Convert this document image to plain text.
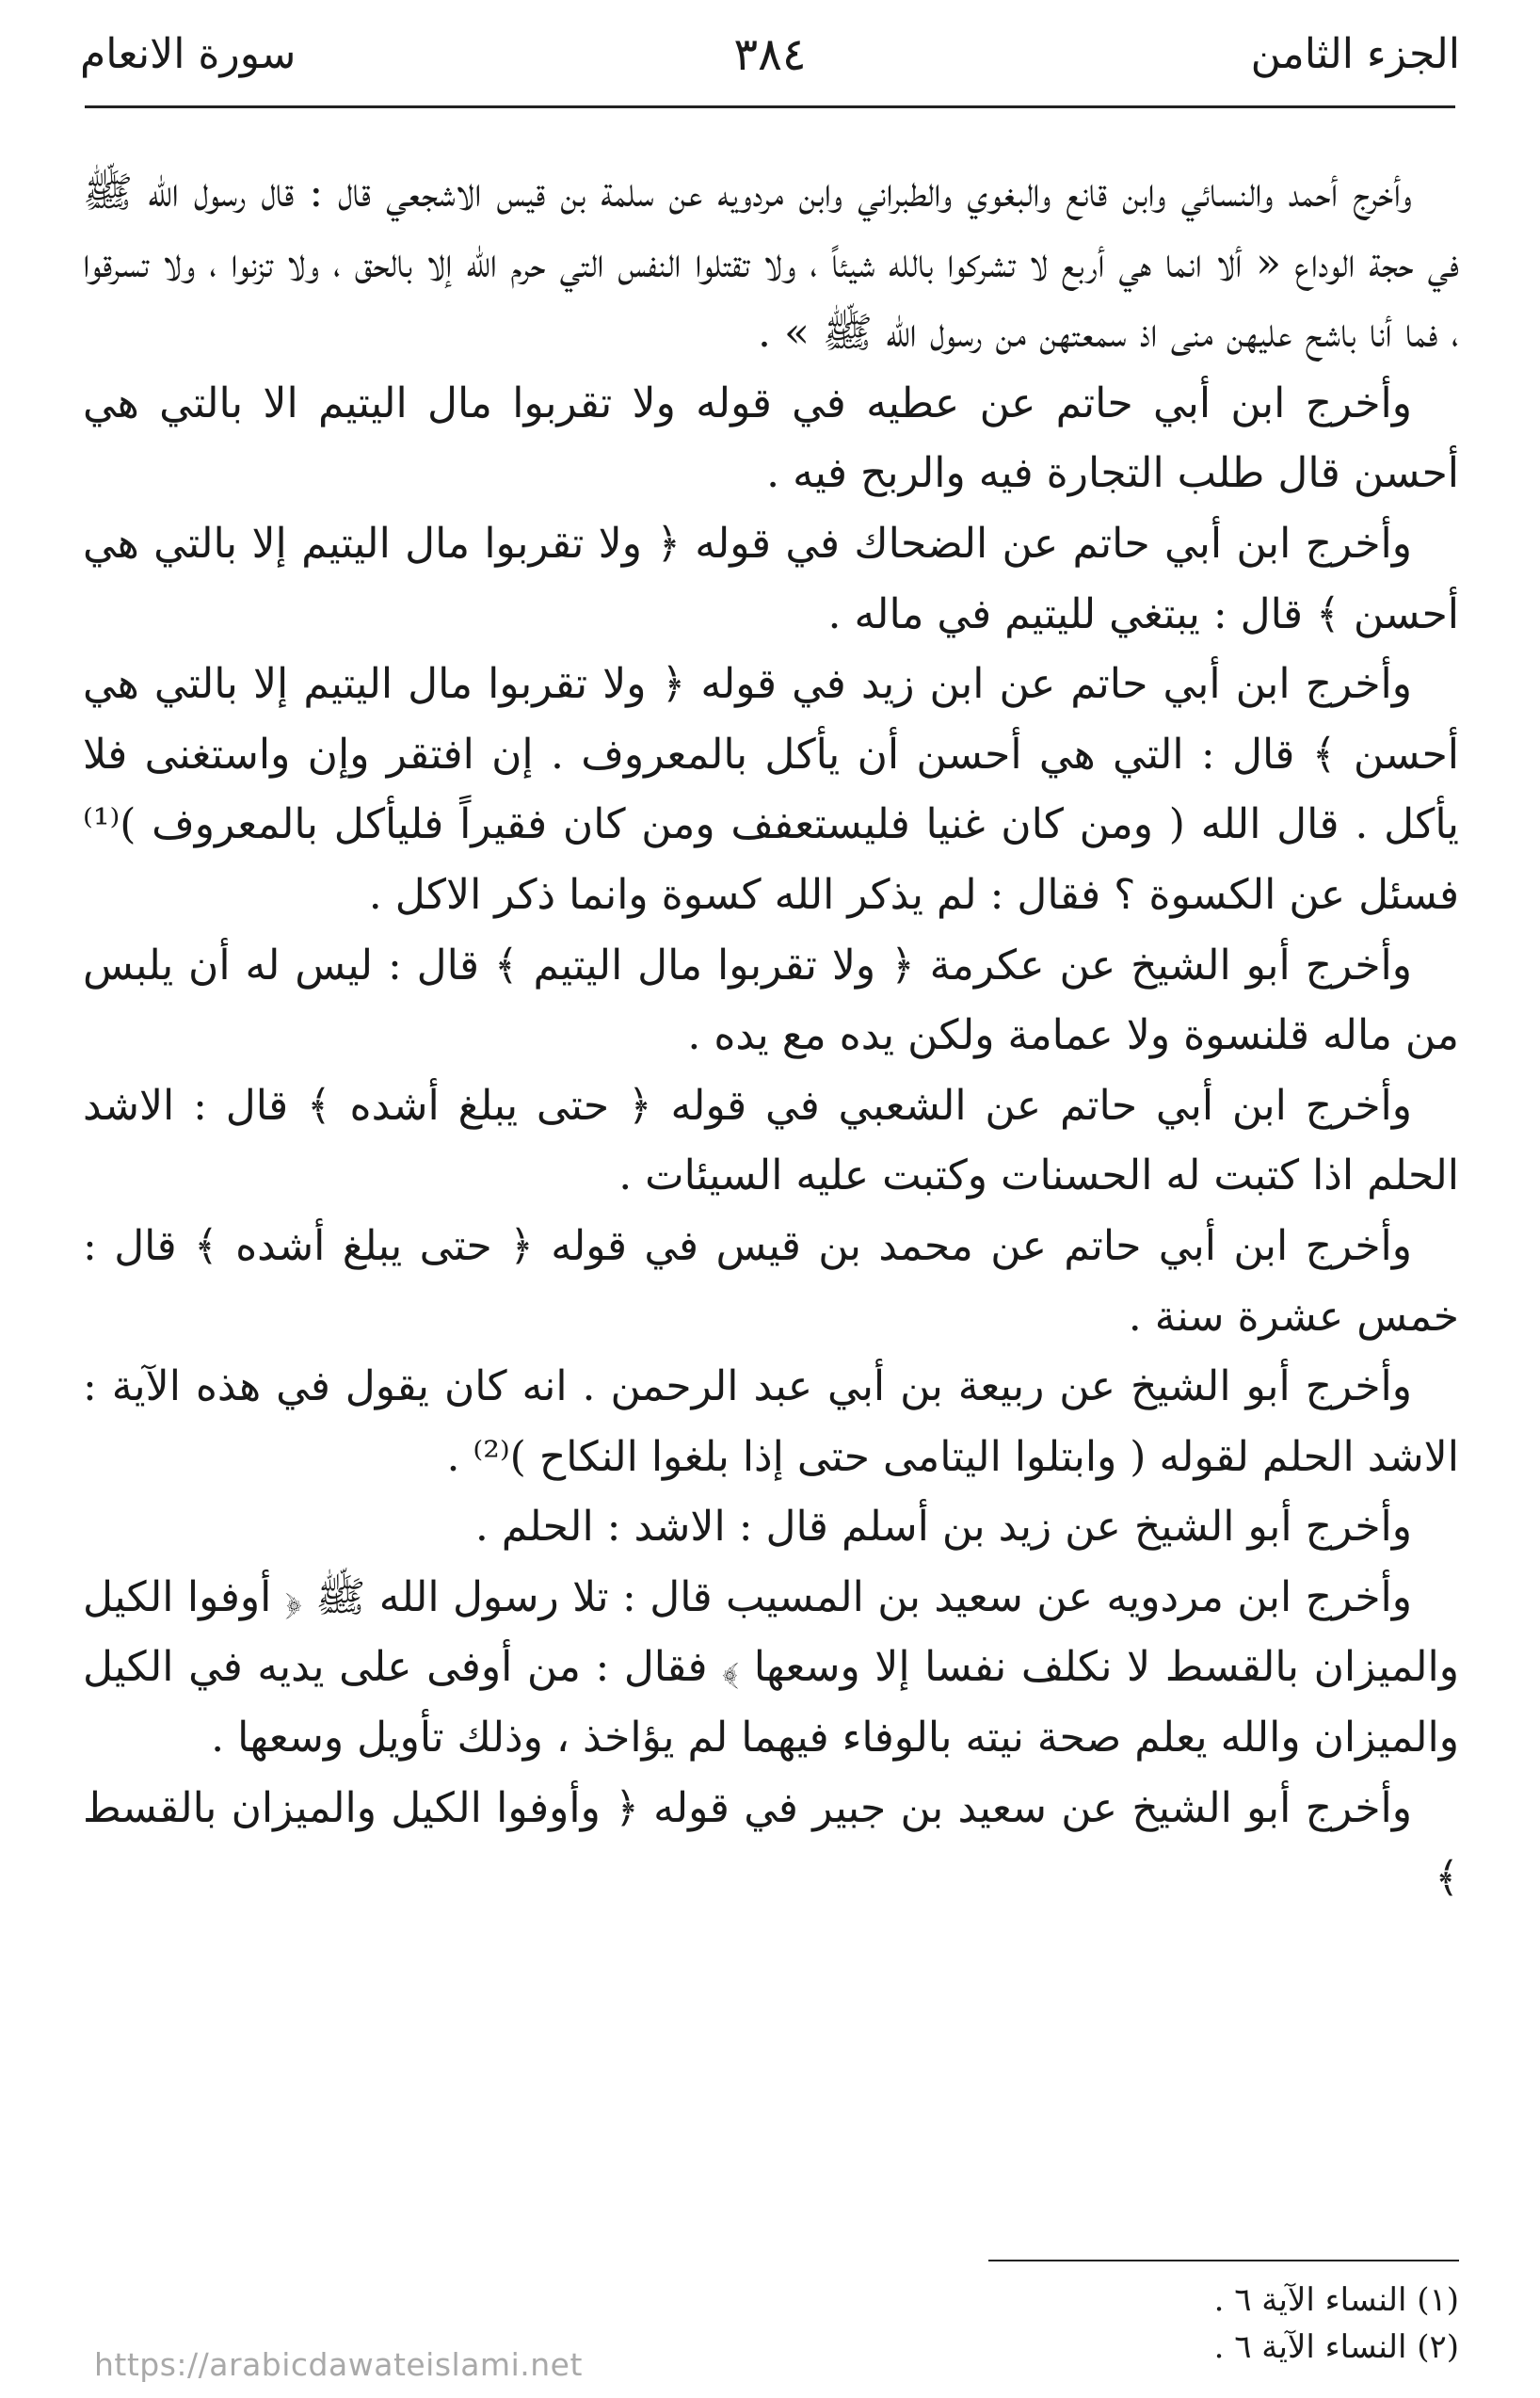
الجزء الثامن
٣٨٤
سورة الانعام

وأخرج أحمد والنسائي وابن قانع والبغوي والطبراني وابن مردويه عن سلمة بن قيس الاشجعي قال : قال رسول الله ﷺ في حجة الوداع « ألا انما هي أربع لا تشركوا بالله شيئاً ، ولا تقتلوا النفس التي حرم الله إلا بالحق ، ولا تزنوا ، ولا تسرقوا ، فما أنا باشح عليهن منى اذ سمعتهن من رسول الله ﷺ » .

وأخرج ابن أبي حاتم عن عطيه في قوله ولا تقربوا مال اليتيم الا بالتي هي أحسن قال طلب التجارة فيه والربح فيه .

وأخرج ابن أبي حاتم عن الضحاك في قوله ﴿ ولا تقربوا مال اليتيم إلا بالتي هي أحسن ﴾ قال : يبتغي لليتيم في ماله .

وأخرج ابن أبي حاتم عن ابن زيد في قوله ﴿ ولا تقربوا مال اليتيم إلا بالتي هي أحسن ﴾ قال : التي هي أحسن أن يأكل بالمعروف . إن افتقر وإن واستغنى فلا يأكل . قال الله ( ومن كان غنيا فليستعفف ومن كان فقيراً فليأكل بالمعروف )⁽¹⁾ فسئل عن الكسوة ؟ فقال : لم يذكر الله كسوة وانما ذكر الاكل .

وأخرج أبو الشيخ عن عكرمة ﴿ ولا تقربوا مال اليتيم ﴾ قال : ليس له أن يلبس من ماله قلنسوة ولا عمامة ولكن يده مع يده .

وأخرج ابن أبي حاتم عن الشعبي في قوله ﴿ حتى يبلغ أشده ﴾ قال : الاشد الحلم اذا كتبت له الحسنات وكتبت عليه السيئات .

وأخرج ابن أبي حاتم عن محمد بن قيس في قوله ﴿ حتى يبلغ أشده ﴾ قال : خمس عشرة سنة .

وأخرج أبو الشيخ عن ربيعة بن أبي عبد الرحمن . انه كان يقول في هذه الآية : الاشد الحلم لقوله ( وابتلوا اليتامى حتى إذا بلغوا النكاح )⁽²⁾ .

وأخرج أبو الشيخ عن زيد بن أسلم قال : الاشد : الحلم .

وأخرج ابن مردويه عن سعيد بن المسيب قال : تلا رسول الله ﷺ ﴿ أوفوا الكيل والميزان بالقسط لا نكلف نفسا إلا وسعها ﴾ فقال : من أوفى على يديه في الكيل والميزان والله يعلم صحة نيته بالوفاء فيهما لم يؤاخذ ، وذلك تأويل وسعها .

وأخرج أبو الشيخ عن سعيد بن جبير في قوله ﴿ وأوفوا الكيل والميزان بالقسط ﴾

(١) النساء الآية ٦ .
(٢) النساء الآية ٦ .
https://arabicdawateislami.net
